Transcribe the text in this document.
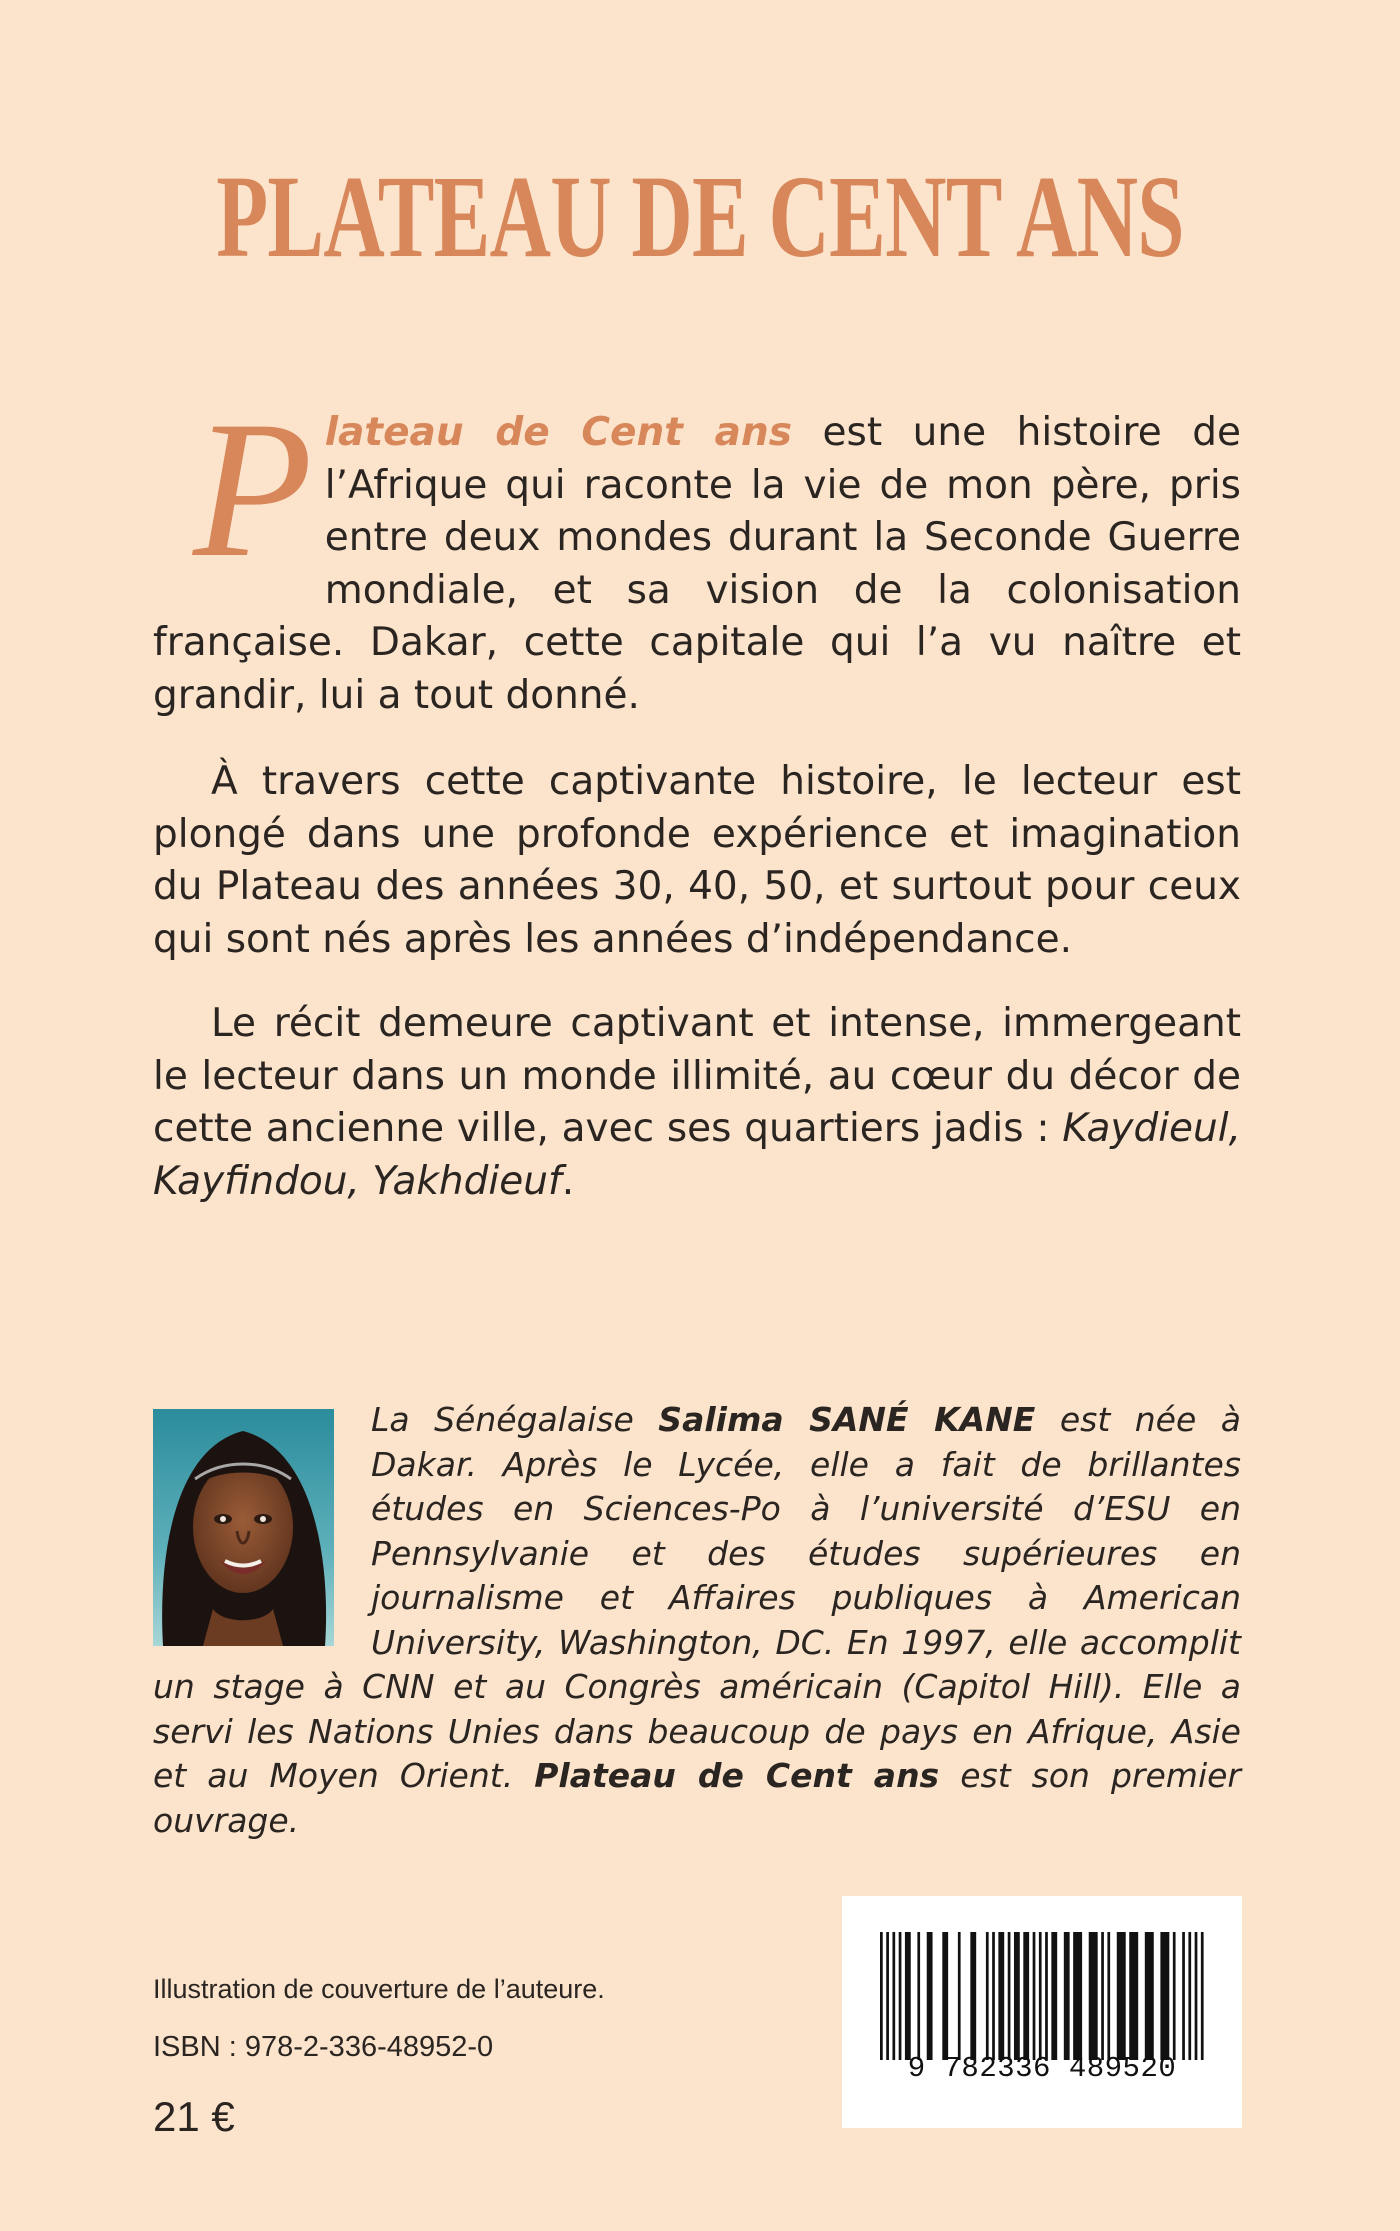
PLATEAU DE CENT ANS
Plateau de Cent ans est une histoire de l’Afrique qui raconte la vie de mon père, pris entre deux mondes durant la Seconde Guerre mondiale, et sa vision de la colonisation française. Dakar, cette capitale qui l’a vu naître et grandir, lui a tout donné.
À travers cette captivante histoire, le lecteur est plongé dans une profonde expérience et imagination du Plateau des années 30, 40, 50, et surtout pour ceux qui sont nés après les années d’indépendance.
Le récit demeure captivant et intense, immergeant le lecteur dans un monde illimité, au cœur du décor de cette ancienne ville, avec ses quartiers jadis : Kaydieul, Kayfindou, Yakhdieuf.
La Sénégalaise Salima SANÉ KANE est née à Dakar. Après le Lycée, elle a fait de brillantes études en Sciences-Po à l’université d’ESU en Pennsylvanie et des études supérieures en journalisme et Affaires publiques à American University, Washington, DC. En 1997, elle accomplit un stage à CNN et au Congrès américain (Capitol Hill). Elle a servi les Nations Unies dans beaucoup de pays en Afrique, Asie et au Moyen Orient. Plateau de Cent ans est son premier ouvrage.
Illustration de couverture de l’auteure.
ISBN : 978-2-336-48952-0
21 €
9 782336 489520
